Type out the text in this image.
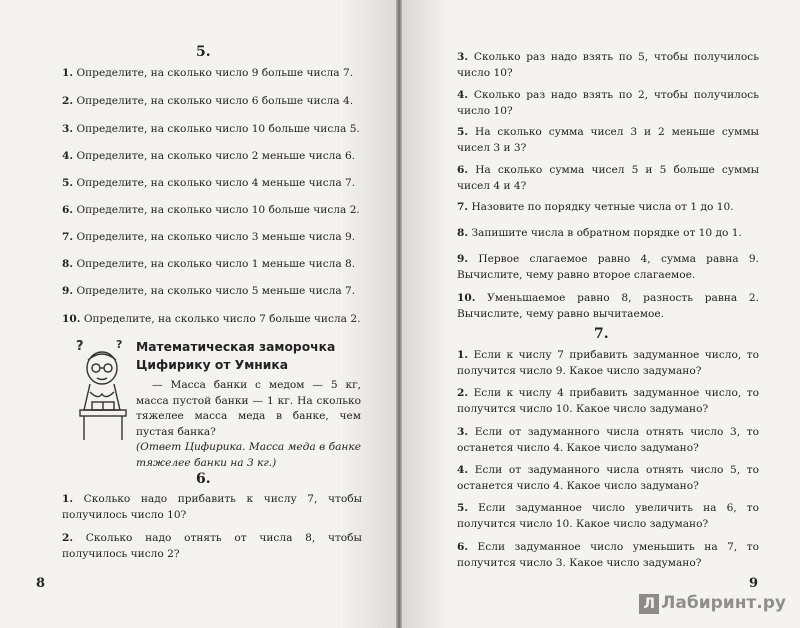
5.
1. Определите, на сколько число 9 больше числа 7.
2. Определите, на сколько число 6 больше числа 4.
3. Определите, на сколько число 10 больше числа 5.
4. Определите, на сколько число 2 меньше числа 6.
5. Определите, на сколько число 4 меньше числа 7.
6. Определите, на сколько число 10 больше числа 2.
7. Определите, на сколько число 3 меньше числа 9.
8. Определите, на сколько число 1 меньше числа 8.
9. Определите, на сколько число 5 меньше числа 7.
10. Определите, на сколько число 7 больше числа 2.
?	? Математическая заморочка Цифирику от Умника
— Масса банки с медом — 5 кг, масса пустой банки — 1 кг. На сколько тяжелее масса меда в банке, чем пустая банка?
(Ответ Цифирика. Масса меда в банке тяжелее банки на 3 кг.)
6.
1. Сколько надо прибавить к числу 7, чтобы получилось число 10?
2. Сколько надо отнять от числа 8, чтобы получилось число 2?
8
3. Сколько раз надо взять по 5, чтобы получилось число 10?
4. Сколько раз надо взять по 2, чтобы получилось число 10?
5. На сколько сумма чисел 3 и 2 меньше суммы чисел 3 и 3?
6. На сколько сумма чисел 5 и 5 больше суммы чисел 4 и 4?
7. Назовите по порядку четные числа от 1 до 10.
8. Запишите числа в обратном порядке от 10 до 1.
9. Первое слагаемое равно 4, сумма равна 9. Вычислите, чему равно второе слагаемое.
10. Уменьшаемое равно 8, разность равна 2. Вычислите, чему равно вычитаемое.
7.
1. Если к числу 7 прибавить задуманное число, то получится число 9. Какое число задумано?
2. Если к числу 4 прибавить задуманное число, то получится число 10. Какое число задумано?
3. Если от задуманного числа отнять число 3, то останется число 4. Какое число задумано?
4. Если от задуманного числа отнять число 5, то останется число 4. Какое число задумано?
5. Если задуманное число увеличить на 6, то получится число 10. Какое число задумано?
6. Если задуманное число уменьшить на 7, то получится число 3. Какое число задумано?
9
Л Лабиринт.ру
